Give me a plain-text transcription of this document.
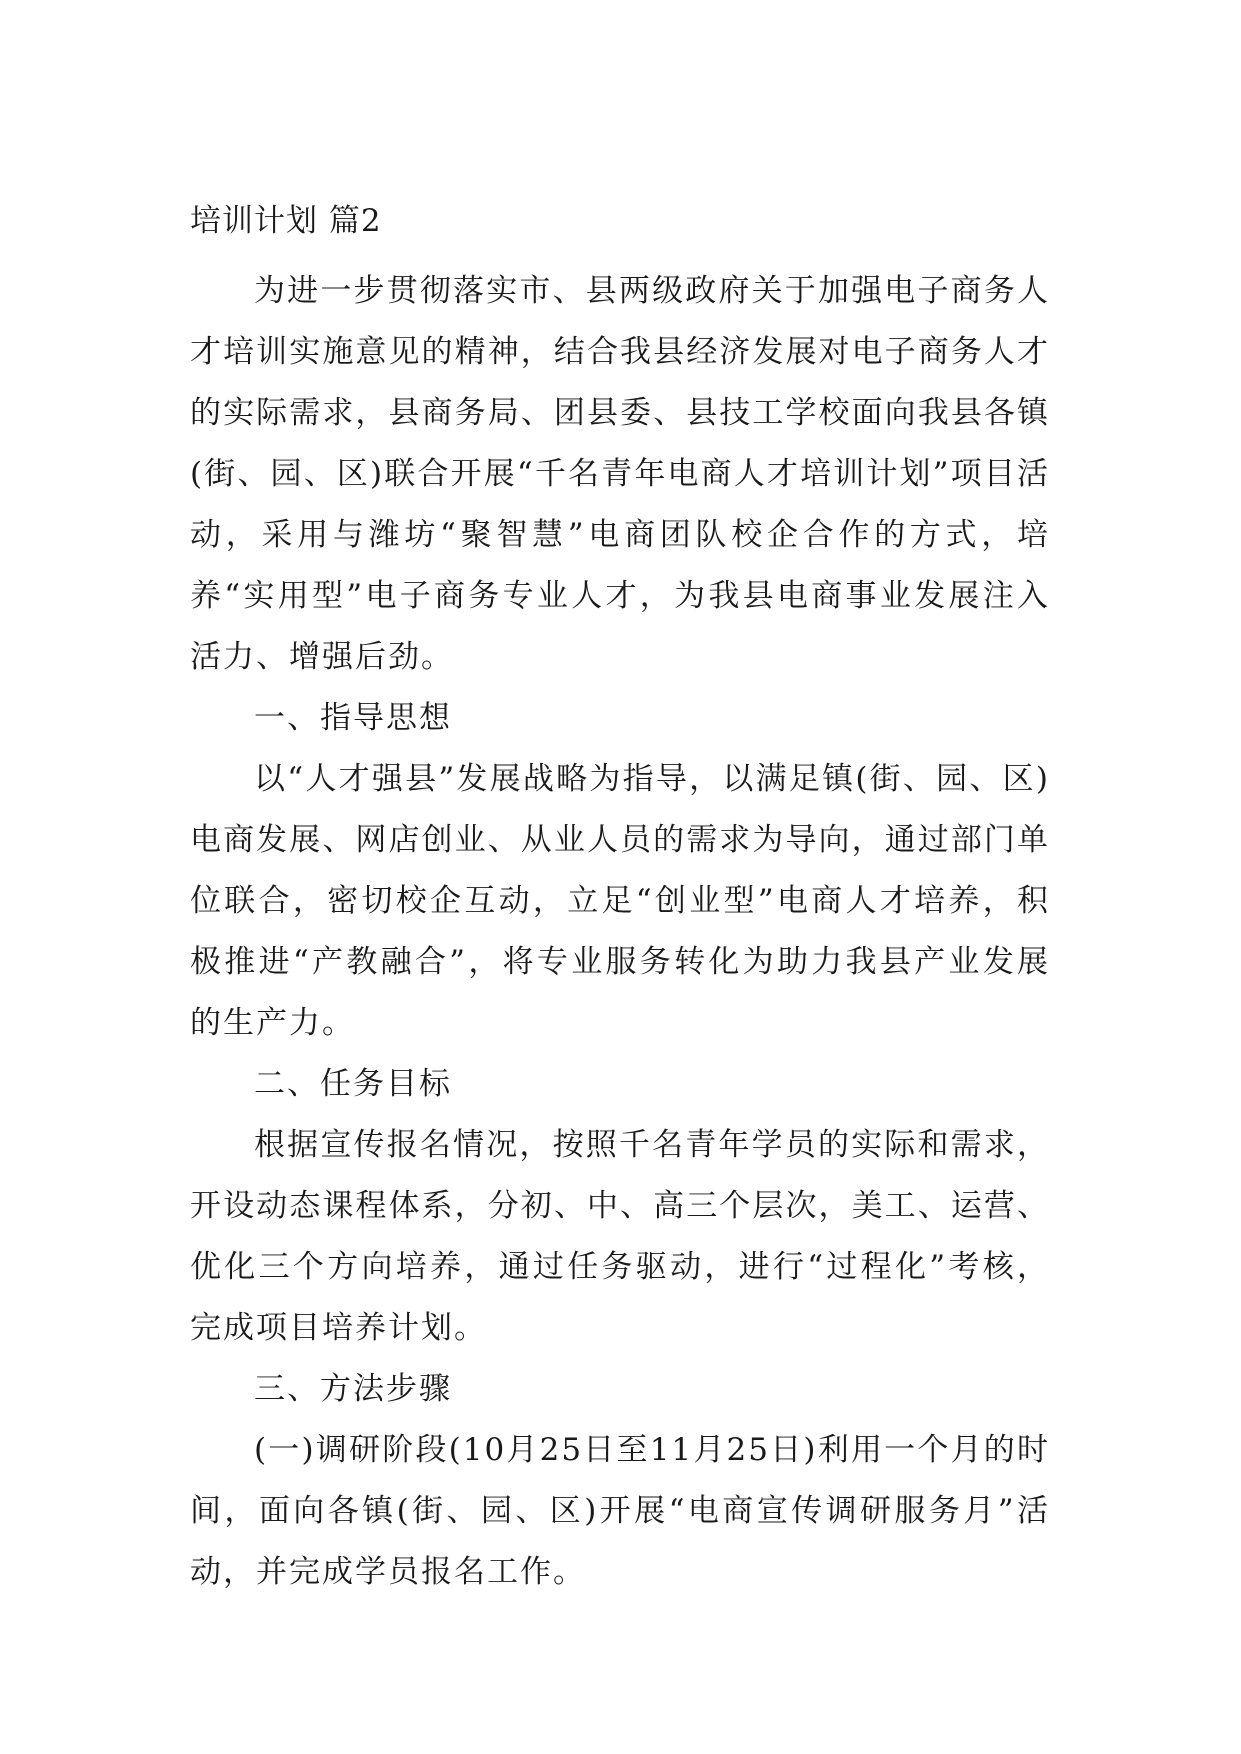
培训计划 篇2

为进一步贯彻落实市、县两级政府关于加强电子商务人才培训实施意见的精神，结合我县经济发展对电子商务人才的实际需求，县商务局、团县委、县技工学校面向我县各镇(街、园、区)联合开展“千名青年电商人才培训计划”项目活动，采用与潍坊“聚智慧”电商团队校企合作的方式，培养“实用型”电子商务专业人才，为我县电商事业发展注入活力、增强后劲。

一、指导思想

以“人才强县”发展战略为指导，以满足镇(街、园、区)电商发展、网店创业、从业人员的需求为导向，通过部门单位联合，密切校企互动，立足“创业型”电商人才培养，积极推进“产教融合”，将专业服务转化为助力我县产业发展的生产力。

二、任务目标

根据宣传报名情况，按照千名青年学员的实际和需求，开设动态课程体系，分初、中、高三个层次，美工、运营、优化三个方向培养，通过任务驱动，进行“过程化”考核，完成项目培养计划。

三、方法步骤

(一)调研阶段(10月25日至11月25日)利用一个月的时间，面向各镇(街、园、区)开展“电商宣传调研服务月”活动，并完成学员报名工作。
